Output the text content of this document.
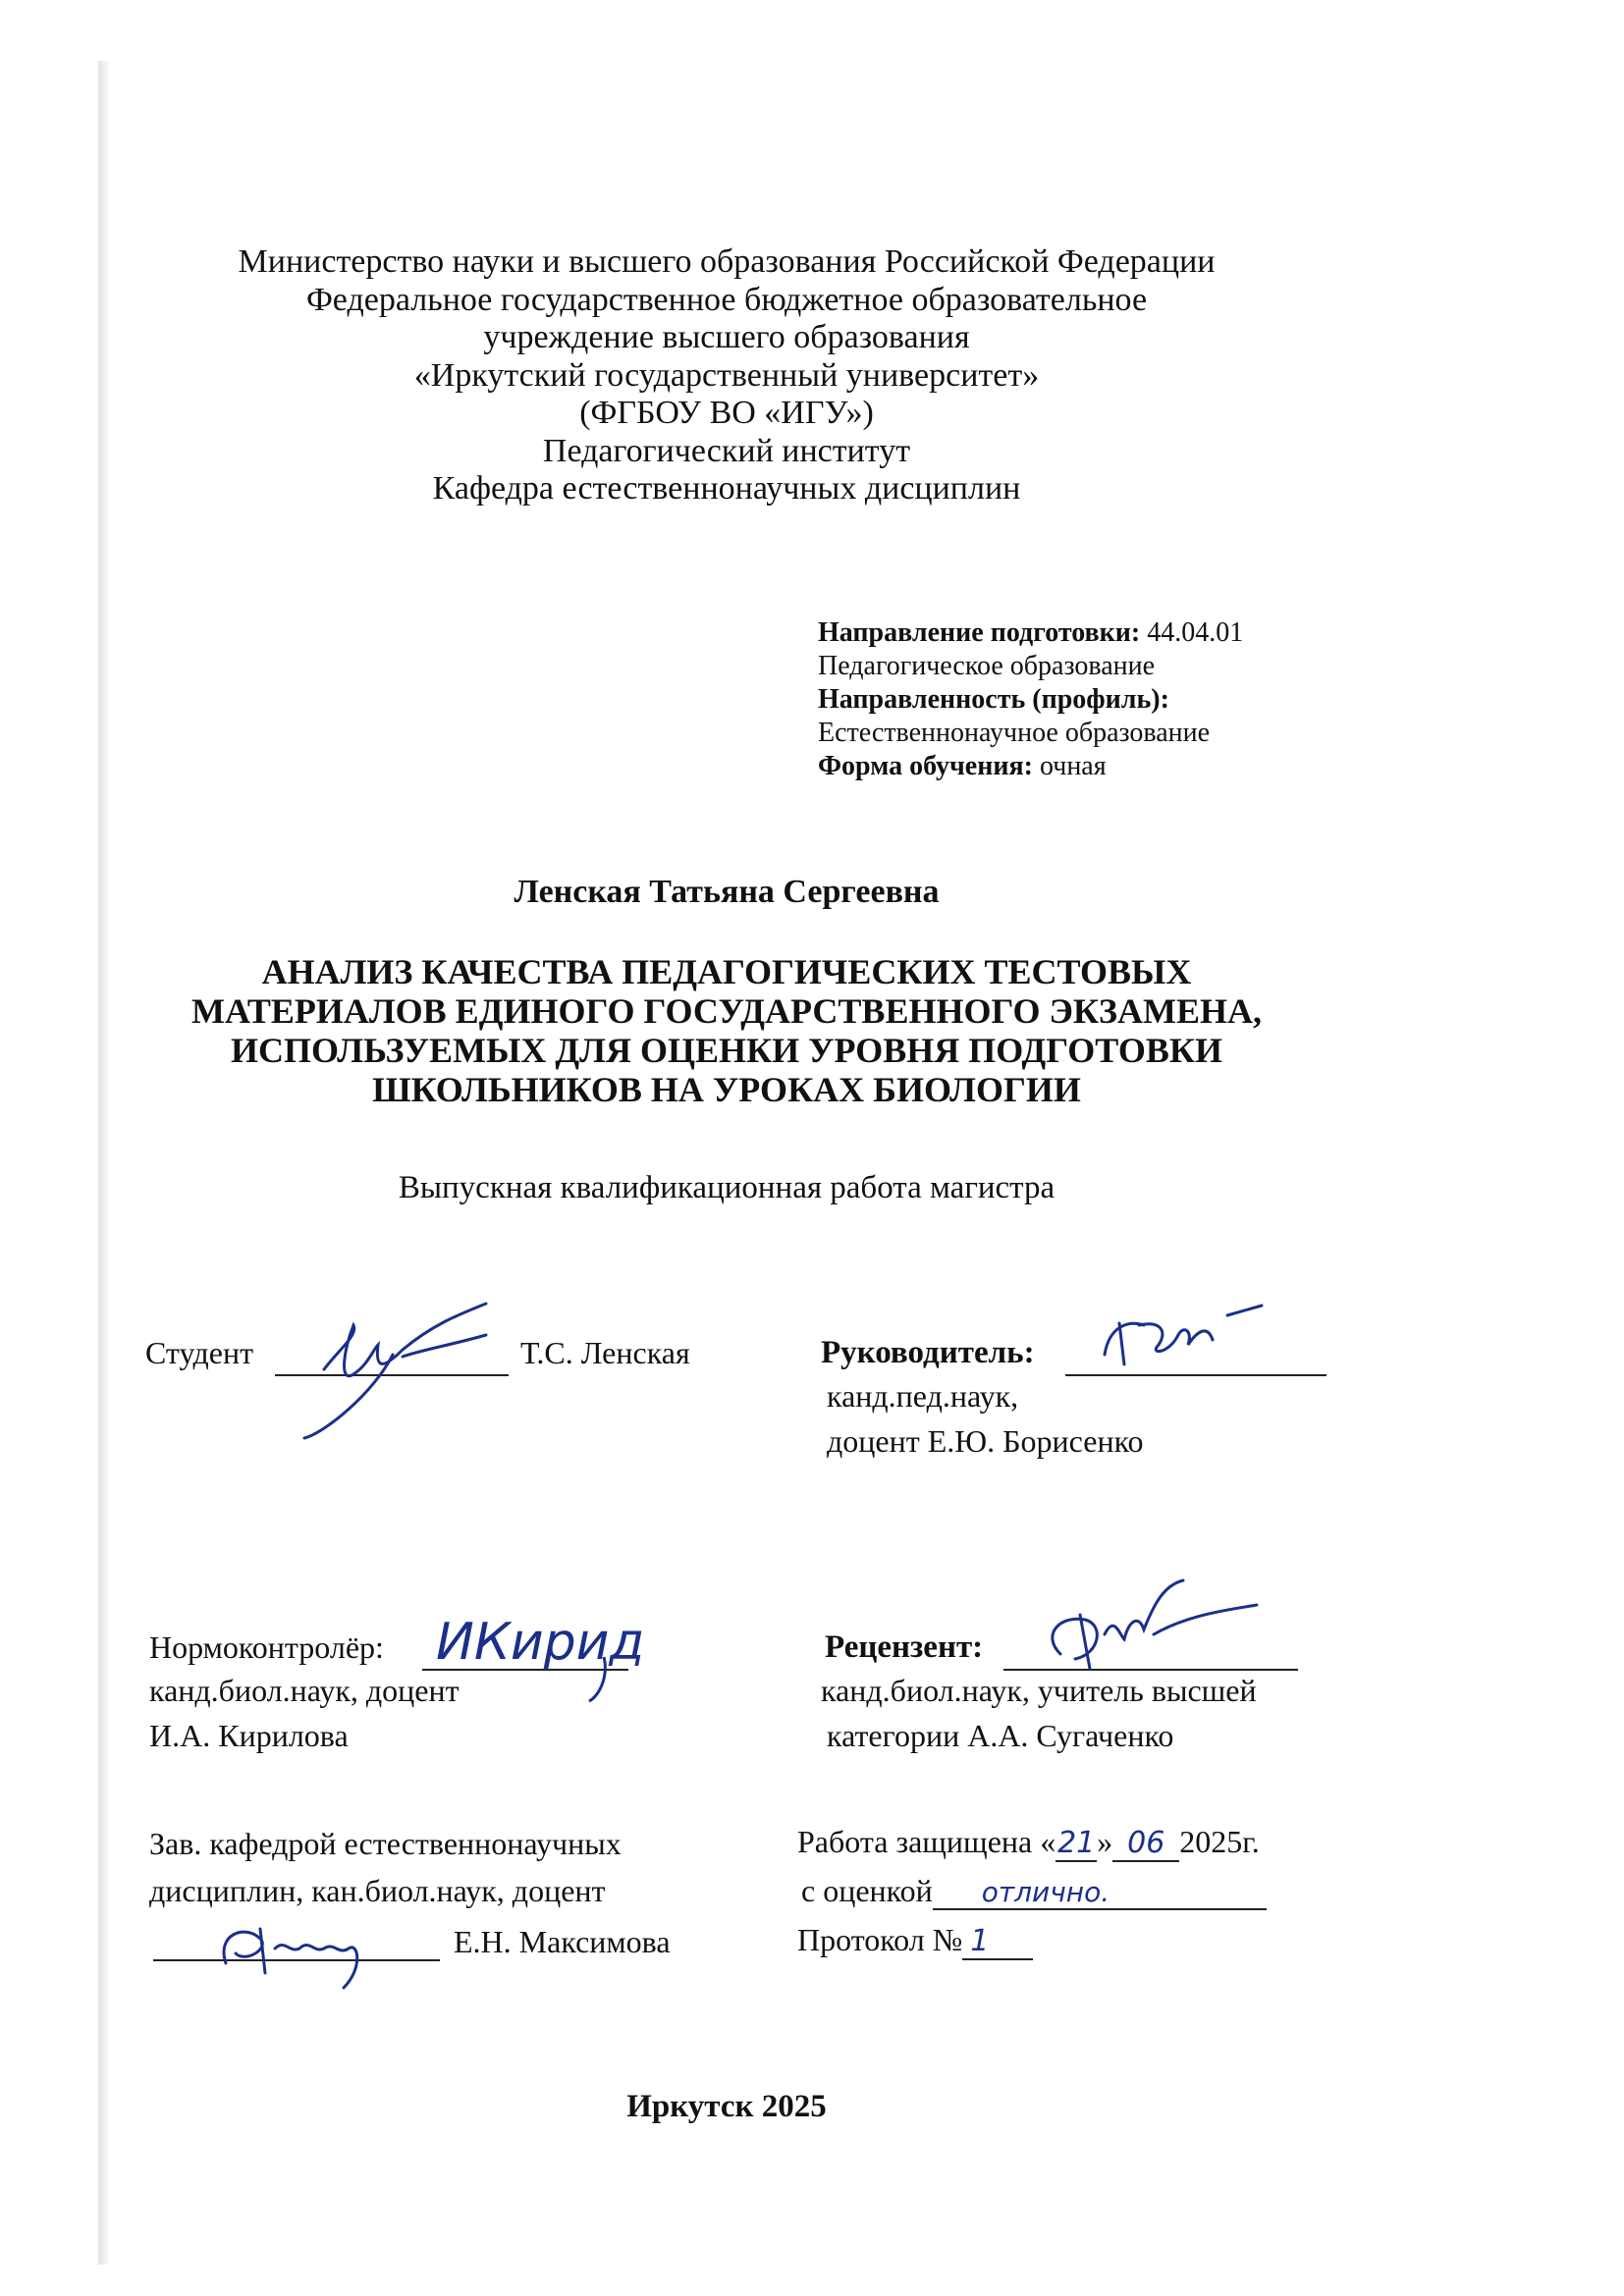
Министерство науки и высшего образования Российской Федерации
Федеральное государственное бюджетное образовательное
учреждение высшего образования
«Иркутский государственный университет»
(ФГБОУ ВО «ИГУ»)
Педагогический институт
Кафедра естественнонаучных дисциплин
Направление подготовки: 44.04.01
Педагогическое образование
Направленность (профиль):
Естественнонаучное образование
Форма обучения: очная
Ленская Татьяна Сергеевна
АНАЛИЗ КАЧЕСТВА ПЕДАГОГИЧЕСКИХ ТЕСТОВЫХ
МАТЕРИАЛОВ ЕДИНОГО ГОСУДАРСТВЕННОГО ЭКЗАМЕНА,
ИСПОЛЬЗУЕМЫХ ДЛЯ ОЦЕНКИ УРОВНЯ ПОДГОТОВКИ
ШКОЛЬНИКОВ НА УРОКАХ БИОЛОГИИ
Выпускная квалификационная работа магистра
Студент	Т.С. Ленская	Руководитель:
канд.пед.наук,
доцент Е.Ю. Борисенко
Нормоконтролёр: ИКирид
канд.биол.наук, доцент
И.А. Кирилова
Рецензент:
канд.биол.наук, учитель высшей
категории А.А. Сугаченко
Зав. кафедрой естественнонаучных
дисциплин, кан.биол.наук, доцент
Е.Н. Максимова
Работа защищена «21» 06 2025г.
с оценкой отлично.
Протокол № 1
Иркутск 2025
